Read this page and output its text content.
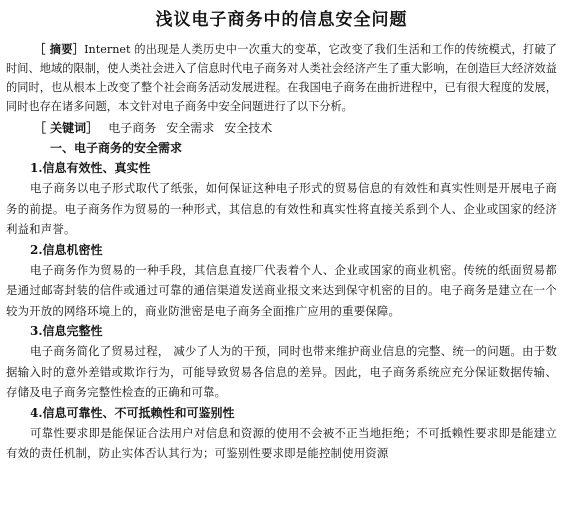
浅议电子商务中的信息安全问题

［ 摘要］Internet 的出现是人类历史中一次重大的变革，它改变了我们生活和工作的传统模式，打破了时间、地域的限制，使人类社会进入了信息时代电子商务对人类社会经济产生了重大影响，在创造巨大经济效益的同时，也从根本上改变了整个社会商务活动发展进程。在我国电子商务在曲折进程中，已有很大程度的发展，同时也存在诸多问题，本文针对电子商务中安全问题进行了以下分析。

［ 关键词］ 电子商务 安全需求 安全技术

一、电子商务的安全需求
1.信息有效性、真实性

电子商务以电子形式取代了纸张，如何保证这种电子形式的贸易信息的有效性和真实性则是开展电子商务的前提。电子商务作为贸易的一种形式，其信息的有效性和真实性将直接关系到个人、企业或国家的经济利益和声誉。

2.信息机密性

电子商务作为贸易的一种手段，其信息直接厂代表着个人、企业或国家的商业机密。传统的纸面贸易都是通过邮寄封装的信件或通过可靠的通信渠道发送商业报文来达到保守机密的目的。电子商务是建立在一个较为开放的网络环境上的，商业防泄密是电子商务全面推广应用的重要保障。

3.信息完整性

电子商务简化了贸易过程， 减少了人为的干预，同时也带来维护商业信息的完整、统一的问题。由于数据输入时的意外差错或欺诈行为，可能导致贸易各信息的差异。因此，电子商务系统应充分保证数据传输、存储及电子商务完整性检查的正确和可靠。

4.信息可靠性、不可抵赖性和可鉴别性

可靠性要求即是能保证合法用户对信息和资源的使用不会被不正当地拒绝；不可抵赖性要求即是能建立有效的责任机制，防止实体否认其行为；可鉴别性要求即是能控制使用资源
